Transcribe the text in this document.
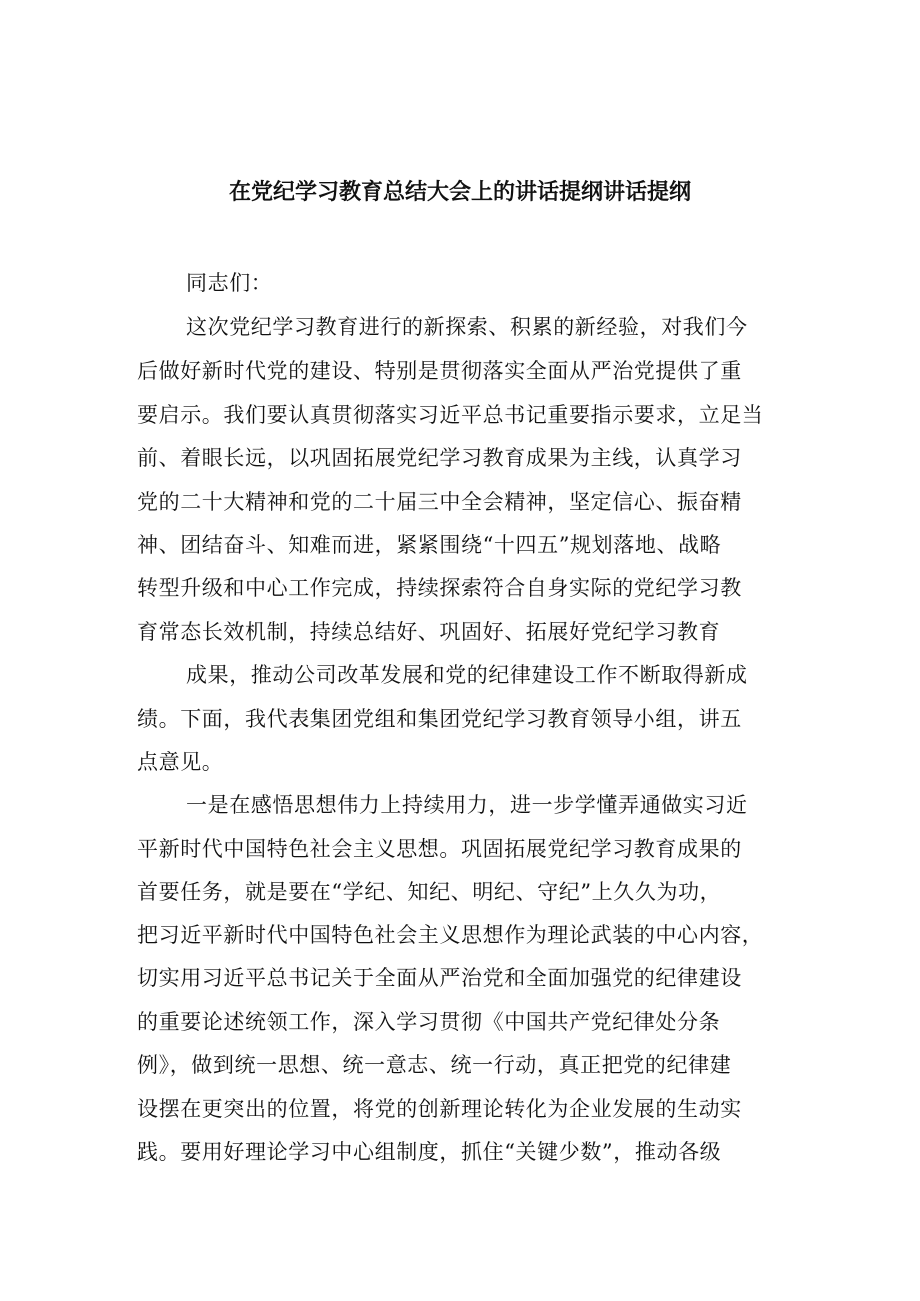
在党纪学习教育总结大会上的讲话提纲讲话提纲
同志们：
这次党纪学习教育进行的新探索、积累的新经验，对我们今
后做好新时代党的建设、特别是贯彻落实全面从严治党提供了重
要启示。我们要认真贯彻落实习近平总书记重要指示要求，立足当
前、着眼长远，以巩固拓展党纪学习教育成果为主线，认真学习
党的二十大精神和党的二十届三中全会精神，坚定信心、振奋精
神、团结奋斗、知难而进，紧紧围绕“十四五”规划落地、战略
转型升级和中心工作完成，持续探索符合自身实际的党纪学习教
育常态长效机制，持续总结好、巩固好、拓展好党纪学习教育
成果，推动公司改革发展和党的纪律建设工作不断取得新成
绩。下面，我代表集团党组和集团党纪学习教育领导小组，讲五
点意见。
一是在感悟思想伟力上持续用力，进一步学懂弄通做实习近
平新时代中国特色社会主义思想。巩固拓展党纪学习教育成果的
首要任务，就是要在“学纪、知纪、明纪、守纪”上久久为功，
把习近平新时代中国特色社会主义思想作为理论武装的中心内容，
切实用习近平总书记关于全面从严治党和全面加强党的纪律建设
的重要论述统领工作，深入学习贯彻《中国共产党纪律处分条
例》，做到统一思想、统一意志、统一行动，真正把党的纪律建
设摆在更突出的位置，将党的创新理论转化为企业发展的生动实
践。要用好理论学习中心组制度，抓住“关键少数”，推动各级
